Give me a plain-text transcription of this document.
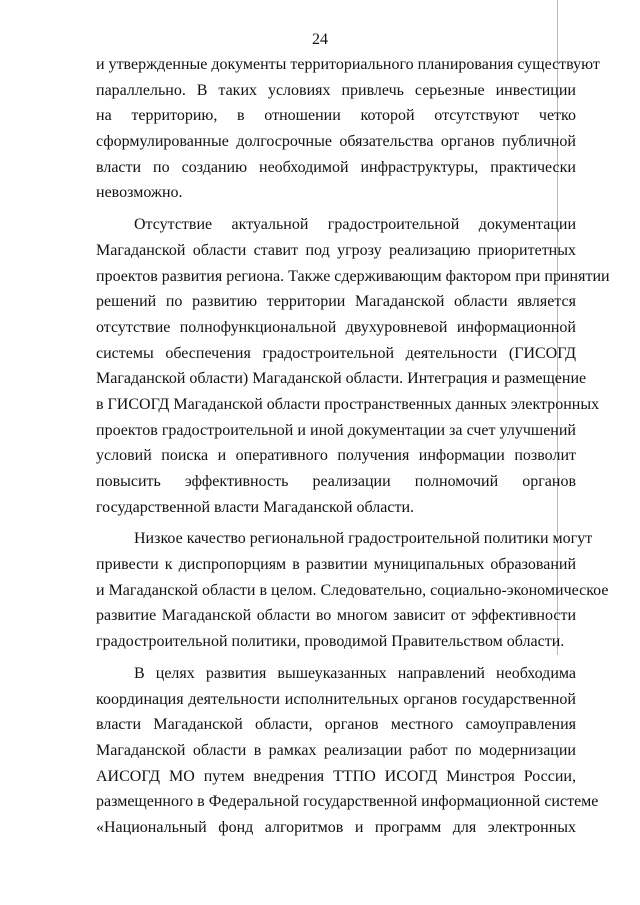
24
и утвержденные документы территориального планирования существуют
параллельно. В таких условиях привлечь серьезные инвестиции
на территорию, в отношении которой отсутствуют четко
сформулированные долгосрочные обязательства органов публичной
власти по созданию необходимой инфраструктуры, практически
невозможно.
Отсутствие актуальной градостроительной документации
Магаданской области ставит под угрозу реализацию приоритетных
проектов развития региона. Также сдерживающим фактором при принятии
решений по развитию территории Магаданской области является
отсутствие полнофункциональной двухуровневой информационной
системы обеспечения градостроительной деятельности (ГИСОГД
Магаданской области) Магаданской области. Интеграция и размещение
в ГИСОГД Магаданской области пространственных данных электронных
проектов градостроительной и иной документации за счет улучшений
условий поиска и оперативного получения информации позволит
повысить эффективность реализации полномочий органов
государственной власти Магаданской области.
Низкое качество региональной градостроительной политики могут
привести к диспропорциям в развитии муниципальных образований
и Магаданской области в целом. Следовательно, социально-экономическое
развитие Магаданской области во многом зависит от эффективности
градостроительной политики, проводимой Правительством области.
В целях развития вышеуказанных направлений необходима
координация деятельности исполнительных органов государственной
власти Магаданской области, органов местного самоуправления
Магаданской области в рамках реализации работ по модернизации
АИСОГД МО путем внедрения ТТПО ИСОГД Минстроя России,
размещенного в Федеральной государственной информационной системе
«Национальный фонд алгоритмов и программ для электронных
